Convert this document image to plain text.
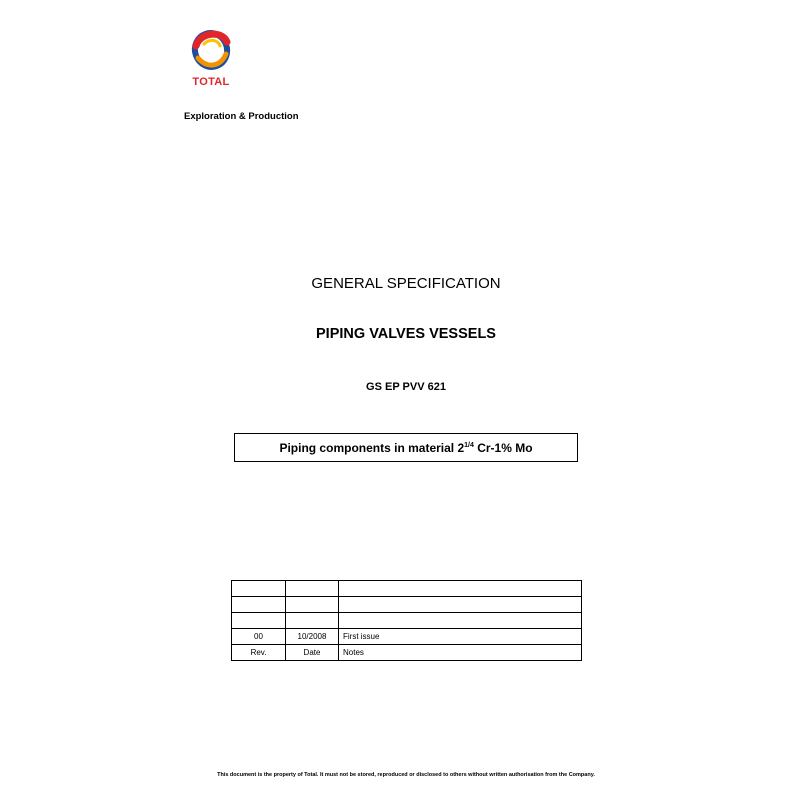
TOTAL
Exploration & Production
GENERAL SPECIFICATION
PIPING VALVES VESSELS
GS EP PVV 621
Piping components in material $2^{1/4}$ Cr-1% Mo

00	10/2008	First issue
Rev.	Date	Notes
This document is the property of Total. It must not be stored, reproduced or disclosed to others without written authorisation from the Company.
